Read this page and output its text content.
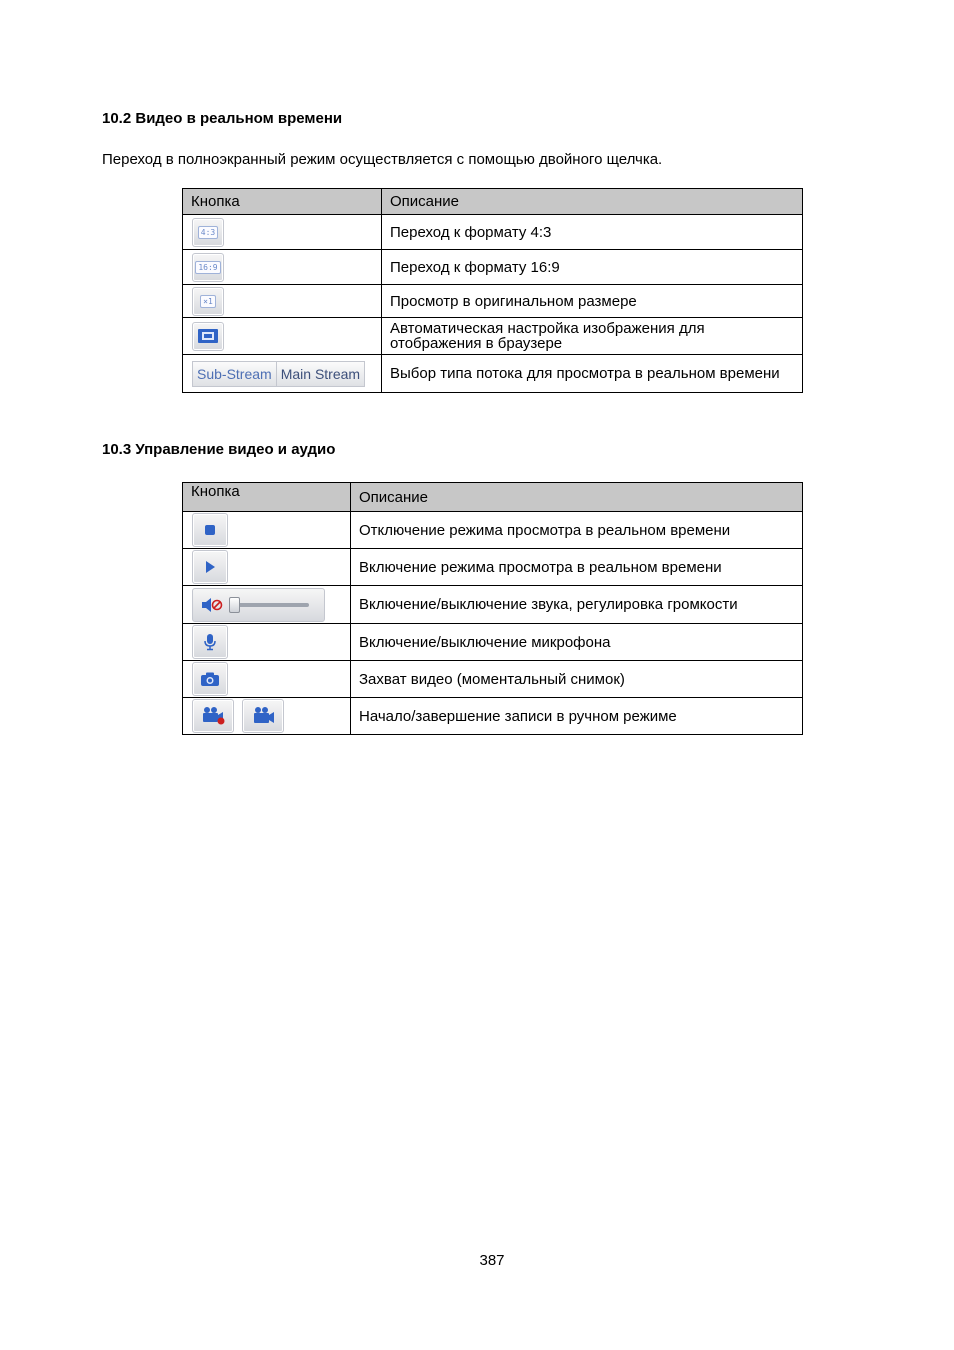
10.2 Видео в реальном времени

Переход в полноэкранный режим осуществляется с помощью двойного щелчка.

Кнопка	Описание

4:3	Переход к формату 4:3

16:9	Переход к формату 16:9

×1	Просмотр в оригинальном размере

	Автоматическая настройка изображения для отображения в браузере

Sub-Stream Main Stream	Выбор типа потока для просмотра в реальном времени
10.3 Управление видео и аудио
Кнопка	Описание

	Отключение режима просмотра в реальном времени

	Включение режима просмотра в реальном времени

	Включение/выключение звука, регулировка громкости

	Включение/выключение микрофона

	Захват видео (моментальный снимок)

	Начало/завершение записи в ручном режиме
387
